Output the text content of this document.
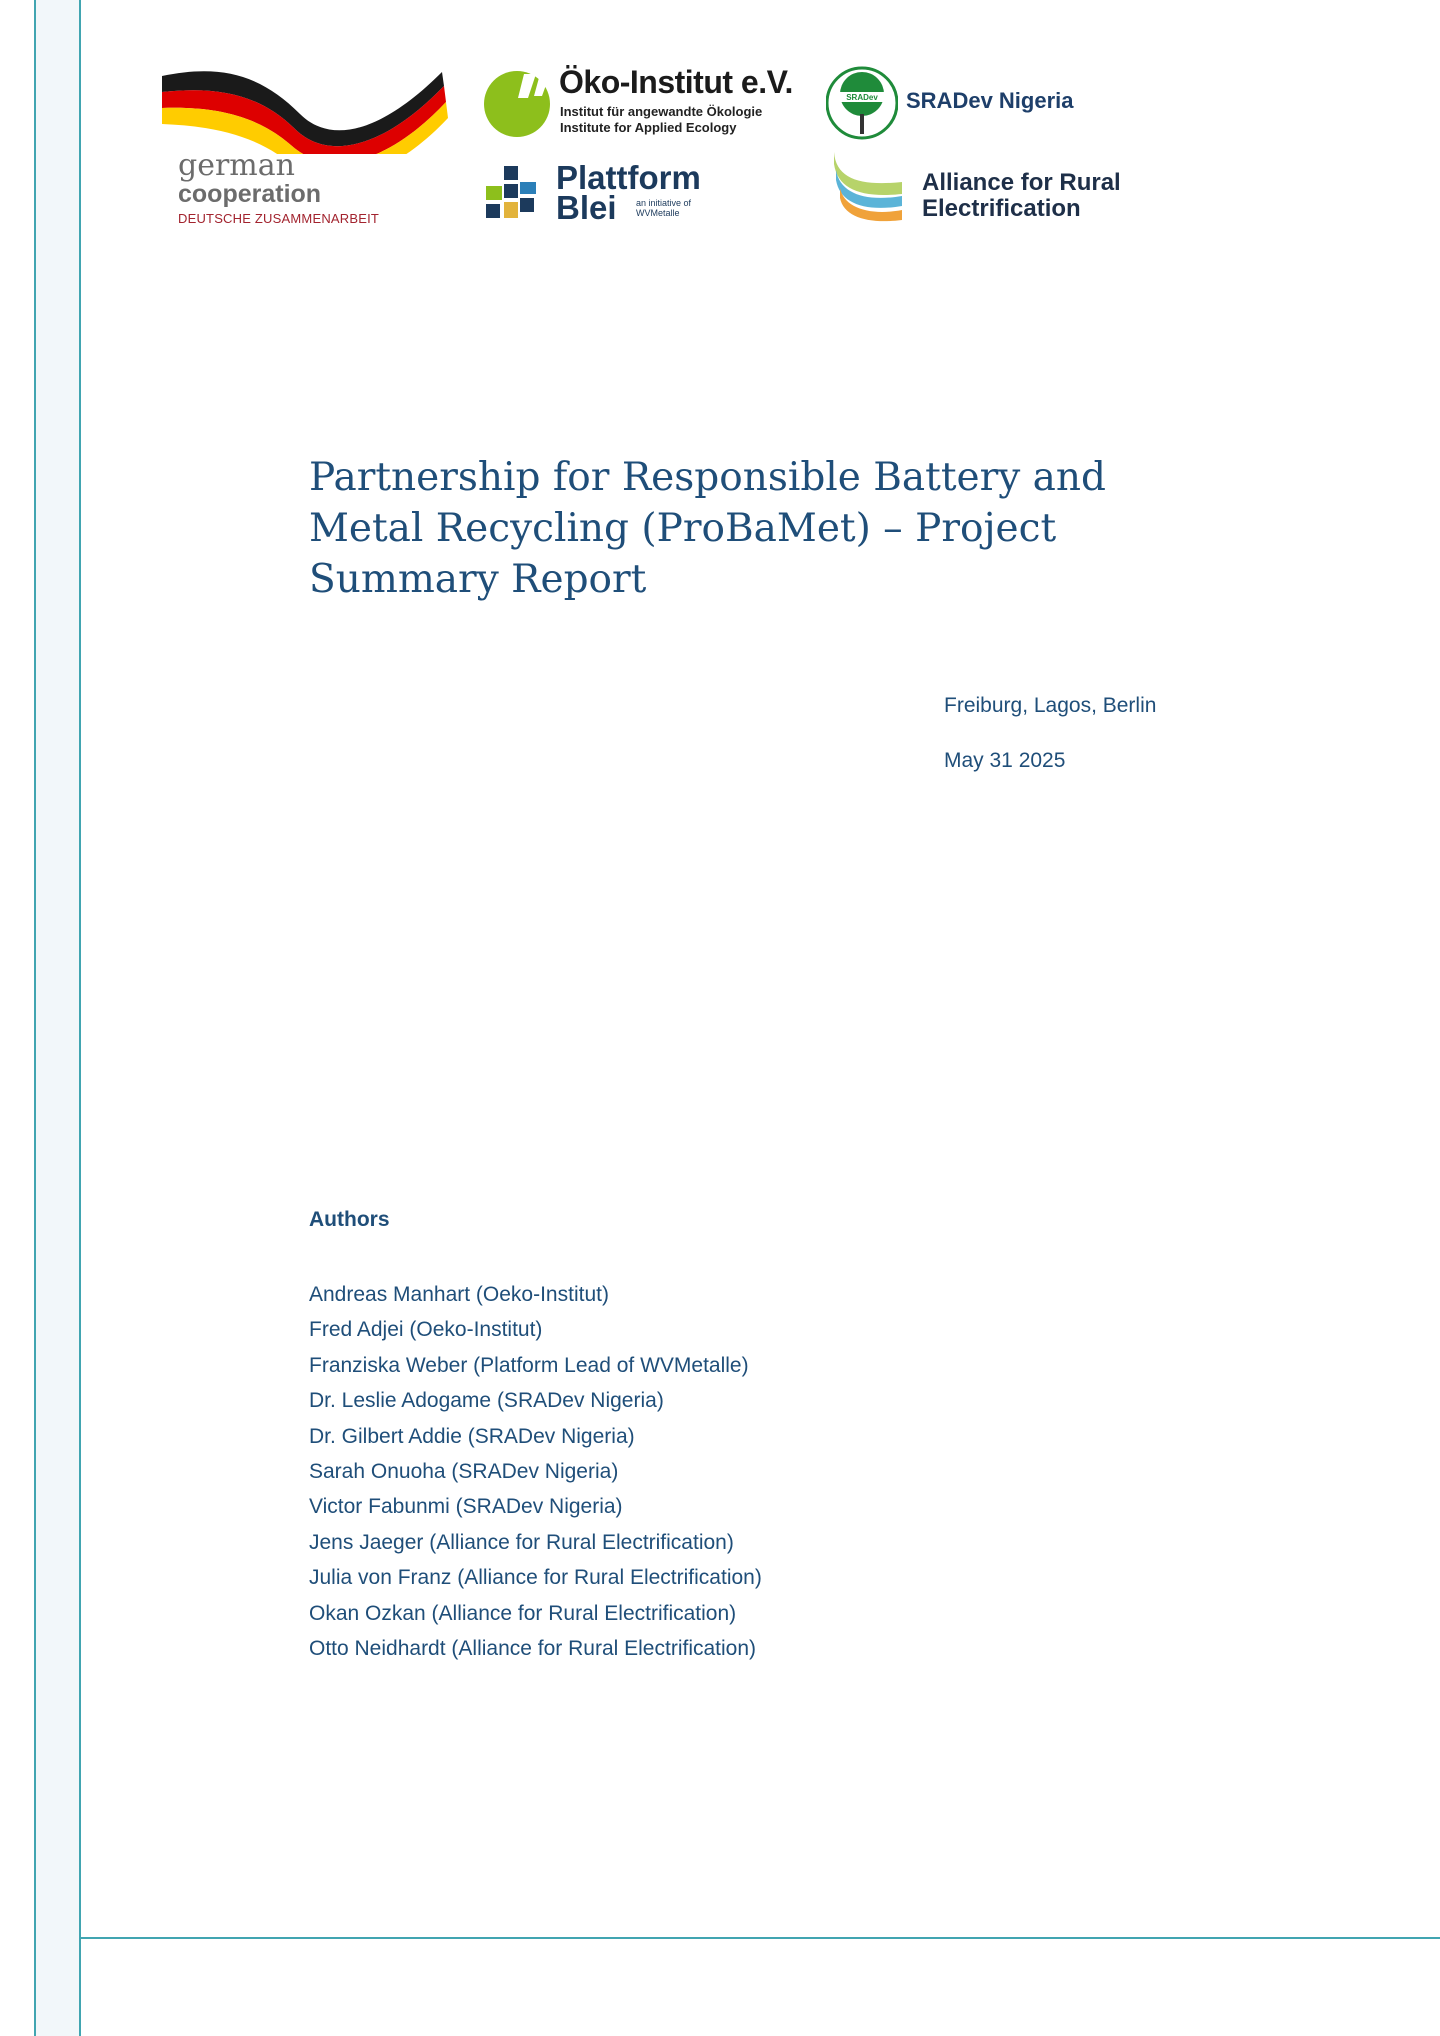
german
cooperation
DEUTSCHE ZUSAMMENARBEIT
Öko-Institut e.V.
Institut für angewandte Ökologie
Institute for Applied Ecology
Plattform
Blei an initiative of WVMetalle
SRADev SRADev Nigeria
Alliance for Rural
Electrification
Partnership for Responsible Battery and Metal Recycling (ProBaMet) – Project Summary Report
Freiburg, Lagos, Berlin
May 31 2025
Authors
Andreas Manhart (Oeko-Institut)
Fred Adjei (Oeko-Institut)
Franziska Weber (Platform Lead of WVMetalle)
Dr. Leslie Adogame (SRADev Nigeria)
Dr. Gilbert Addie (SRADev Nigeria)
Sarah Onuoha (SRADev Nigeria)
Victor Fabunmi (SRADev Nigeria)
Jens Jaeger (Alliance for Rural Electrification)
Julia von Franz (Alliance for Rural Electrification)
Okan Ozkan (Alliance for Rural Electrification)
Otto Neidhardt (Alliance for Rural Electrification)
